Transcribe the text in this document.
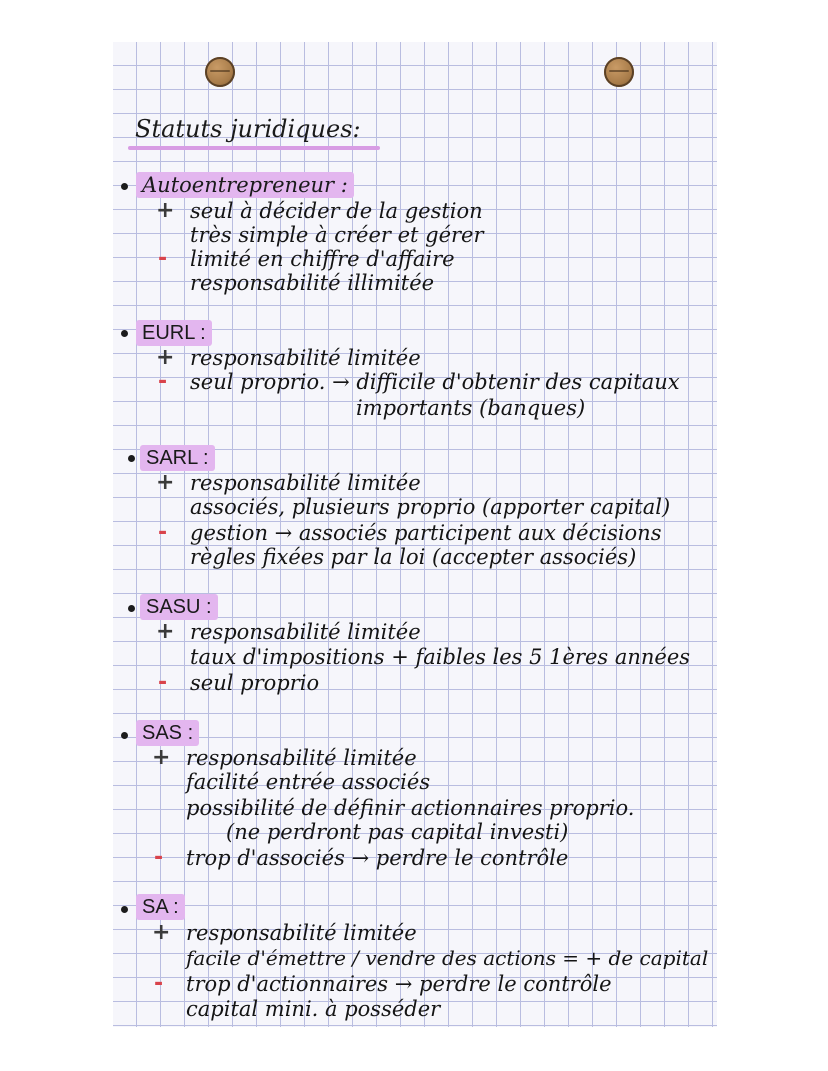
Statuts juridiques:
Autoentrepreneur :
+ seul à décider de la gestion
très simple à créer et gérer
- limité en chiffre d'affaire
responsabilité illimitée
EURL :
+ responsabilité limitée
- seul proprio. → difficile d'obtenir des capitaux
importants (banques)
SARL :
+ responsabilité limitée
associés, plusieurs proprio (apporter capital)
- gestion → associés participent aux décisions
règles fixées par la loi (accepter associés)
SASU :
+ responsabilité limitée
taux d'impositions + faibles les 5 1ères années
- seul proprio
SAS :
+ responsabilité limitée
facilité entrée associés
possibilité de définir actionnaires proprio.
(ne perdront pas capital investi)
- trop d'associés → perdre le contrôle
SA :
+ responsabilité limitée
facile d'émettre / vendre des actions = + de capital
- trop d'actionnaires → perdre le contrôle
capital mini. à posséder
